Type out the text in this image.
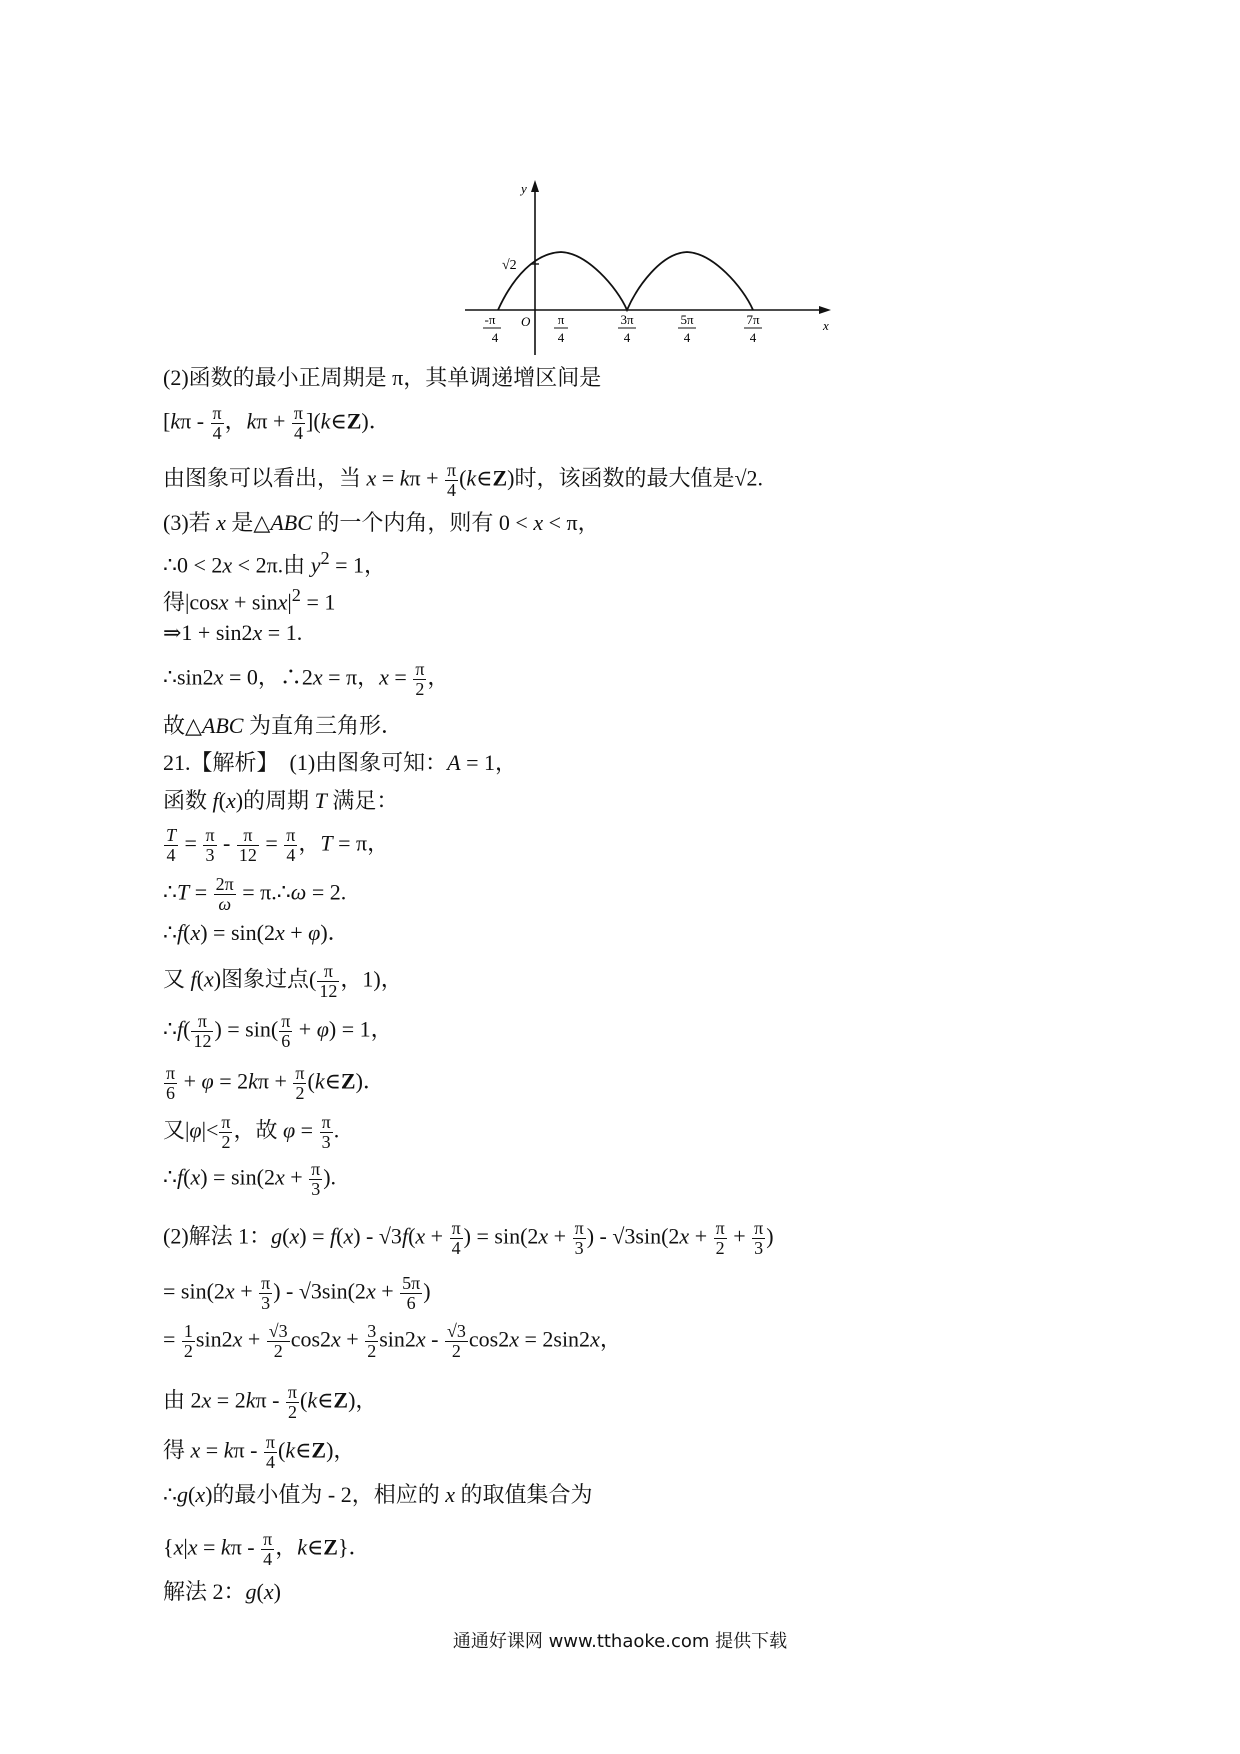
y
x
O
√2
-π
4
π
4
3π
4
5π
4
7π
4
(2)函数的最小正周期是 π，其单调递增区间是
[$k\pi - \frac{\pi}{4}$ ，$k\pi + \frac{\pi}{4}$ ](k∈Z)．
由图象可以看出，当 $x = k\pi + \frac{\pi}{4}$ (k∈Z)时，该函数的最大值是√2.
(3)若 x 是△ABC 的一个内角，则有 0 < x < π，
∴0 < 2x < 2π.由 $y^2 = 1$，
得$|\cos x + \sin x|^2 = 1$
⇒1 + sin2x = 1.
∴sin2x = 0，∴2x = π，$x = \frac{\pi}{2}$ ，
故△ABC 为直角三角形．
21.【解析】　(1)由图象可知：A = 1，
函数 f(x)的周期 T 满足：
$\frac{T}{4} = \frac{\pi}{3} - \frac{\pi}{12} = \frac{\pi}{4}$ ，T = π，
∴T = $\frac{2\pi}{\omega}$ = π.∴ω = 2.
∴f(x) = sin(2x + φ)．
又 f(x)图象过点( $\frac{\pi}{12}$ ，1)，
∴f( $\frac{\pi}{12}$ ) = $\sin( \frac{\pi}{6} + \varphi) = 1$，
$\frac{\pi}{6} + \varphi = 2k\pi + \frac{\pi}{2}$ (k∈Z)．
又$|\varphi|< \frac{\pi}{2}$ ，故 $\varphi = \frac{\pi}{3}$ .
∴f(x) = $\sin(2x + \frac{\pi}{3}$ ).
(2)解法 1：$g(x) = f(x) - √3f(x + \frac{\pi}{4}$ ) = $\sin(2x + \frac{\pi}{3}$ ) - $√3\sin(2x + \frac{\pi}{2} + \frac{\pi}{3}$ )
= $\sin(2x + \frac{\pi}{3}$ ) - $√3\sin(2x + \frac{5\pi}{6}$ )
= $\frac{1}{2} \sin 2x + \frac{√3}{2} \cos 2x + \frac{3}{2} \sin 2x - \frac{√3}{2} \cos 2x = 2\sin 2x$，
由 $2x = 2k\pi - \frac{\pi}{2}$ (k∈Z)，
得 $x = k\pi - \frac{\pi}{4}$ (k∈Z)，
∴g(x)的最小值为 - 2，相应的 x 的取值集合为
{$x|x = k\pi - \frac{\pi}{4}$ ，k∈Z}．
解法 2：g(x)
通通好课网 www.tthaoke.com 提供下载
